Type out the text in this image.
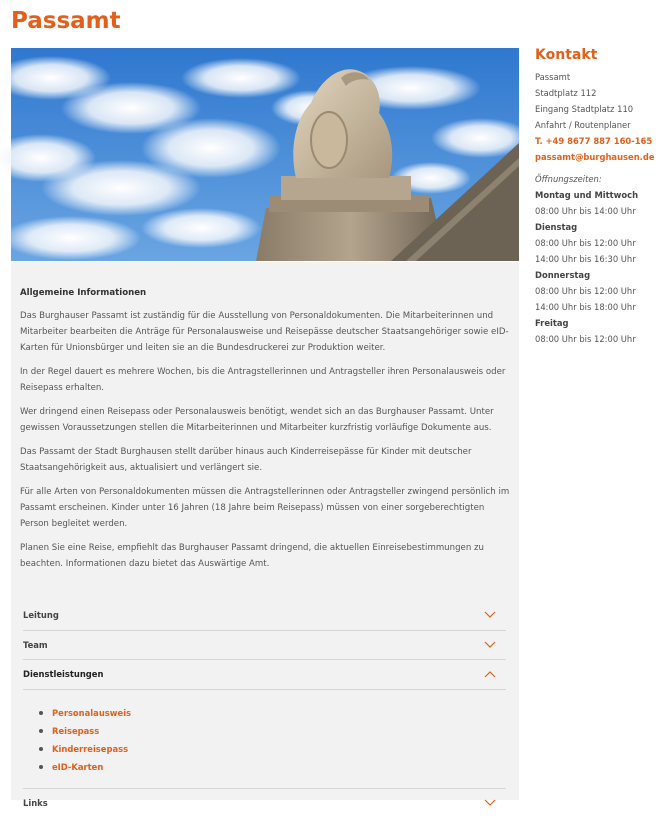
Passamt
Allgemeine Informationen

Das Burghauser Passamt ist zuständig für die Ausstellung von Personaldokumenten. Die Mitarbeiterinnen und Mitarbeiter bearbeiten die Anträge für Personalausweise und Reisepässe deutscher Staatsangehöriger sowie eID-Karten für Unionsbürger und leiten sie an die Bundesdruckerei zur Produktion weiter.

In der Regel dauert es mehrere Wochen, bis die Antragstellerinnen und Antragsteller ihren Personalausweis oder Reisepass erhalten.

Wer dringend einen Reisepass oder Personalausweis benötigt, wendet sich an das Burghauser Passamt. Unter gewissen Voraussetzungen stellen die Mitarbeiterinnen und Mitarbeiter kurzfristig vorläufige Dokumente aus.

Das Passamt der Stadt Burghausen stellt darüber hinaus auch Kinderreisepässe für Kinder mit deutscher Staatsangehörigkeit aus, aktualisiert und verlängert sie.

Für alle Arten von Personaldokumenten müssen die Antragstellerinnen oder Antragsteller zwingend persönlich im Passamt erscheinen. Kinder unter 16 Jahren (18 Jahre beim Reisepass) müssen von einer sorgeberechtigten Person begleitet werden.

Planen Sie eine Reise, empfiehlt das Burghauser Passamt dringend, die aktuellen Einreisebestimmungen zu beachten. Informationen dazu bietet das Auswärtige Amt.

Leitung
Team
Dienstleistungen
Personalausweis
Reisepass
Kinderreisepass
eID-Karten
Links
Kontakt
Passamt
Stadtplatz 112
Eingang Stadtplatz 110
Anfahrt / Routenplaner
T. +49 8677 887 160-165
passamt@burghausen.de
Öffnungszeiten:
Montag und Mittwoch
08:00 Uhr bis 14:00 Uhr
Dienstag
08:00 Uhr bis 12:00 Uhr
14:00 Uhr bis 16:30 Uhr
Donnerstag
08:00 Uhr bis 12:00 Uhr
14:00 Uhr bis 18:00 Uhr
Freitag
08:00 Uhr bis 12:00 Uhr
